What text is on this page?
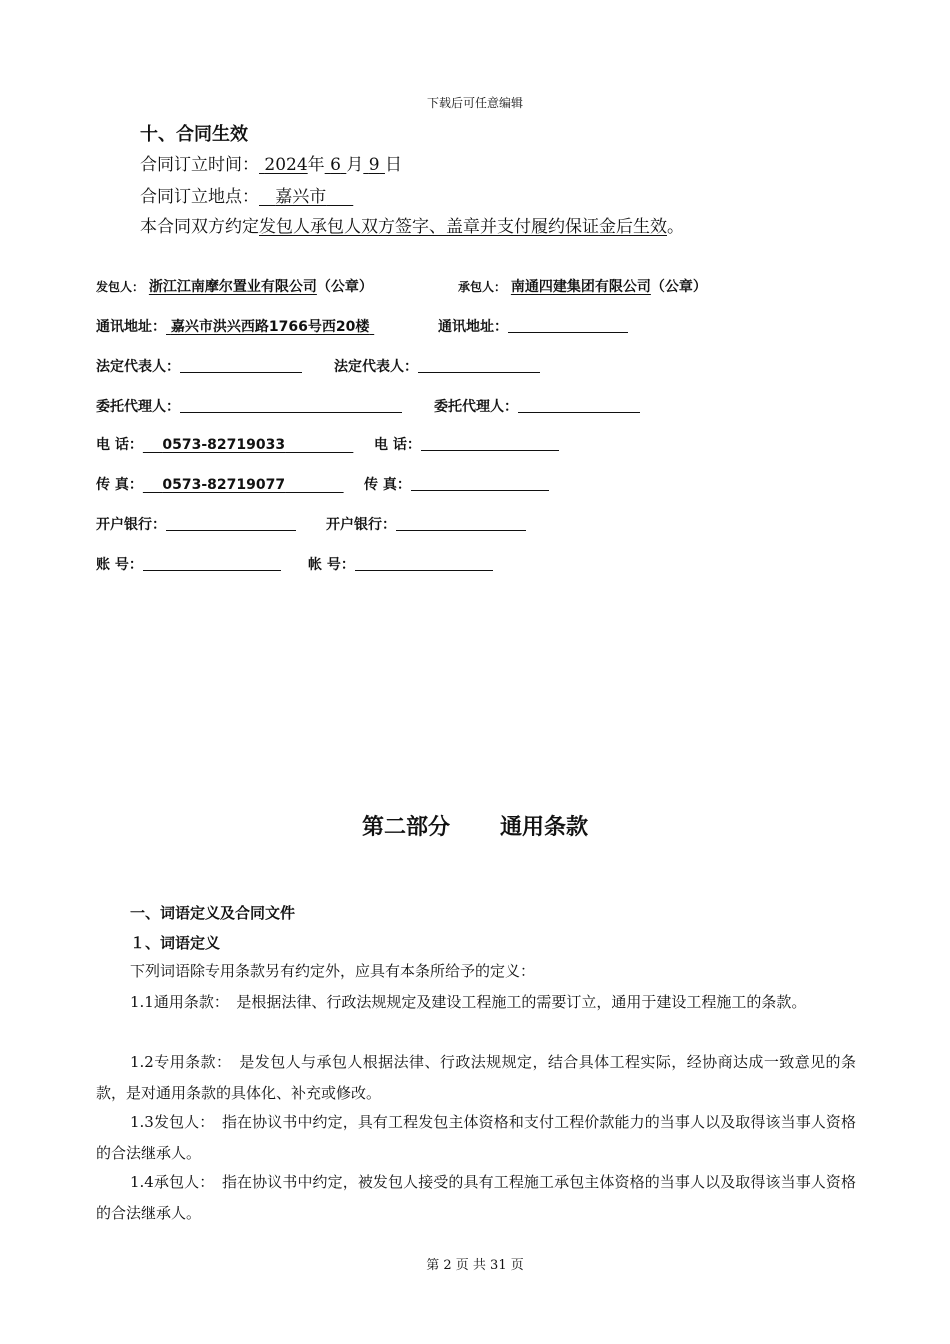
下载后可任意编辑
十、合同生效
合同订立时间： 2024年 6 月 9 日
合同订立地点： 嘉兴市
本合同双方约定发包人承包人双方签字、盖章并支付履约保证金后生效。
发包人： 浙江江南摩尔置业有限公司（公章）	承包人： 南通四建集团有限公司（公章）
通讯地址： 嘉兴市洪兴西路1766号西20楼	通讯地址：
法定代表人：	法定代表人：
委托代理人：	委托代理人：
电 话： 0573-82719033	电 话：
传 真： 0573-82719077	传 真：
开户银行：	开户银行：
账 号：	帐 号：
第二部分 通用条款
一、词语定义及合同文件
１、词语定义
下列词语除专用条款另有约定外，应具有本条所给予的定义：
1.1通用条款：　是根据法律、行政法规规定及建设工程施工的需要订立，通用于建设工程施工的条款。
1.2专用条款：　是发包人与承包人根据法律、行政法规规定，结合具体工程实际，经协商达成一致意见的条款，是对通用条款的具体化、补充或修改。
1.3发包人：　指在协议书中约定，具有工程发包主体资格和支付工程价款能力的当事人以及取得该当事人资格的合法继承人。
1.4承包人：　指在协议书中约定，被发包人接受的具有工程施工承包主体资格的当事人以及取得该当事人资格的合法继承人。
第 2 页 共 31 页
